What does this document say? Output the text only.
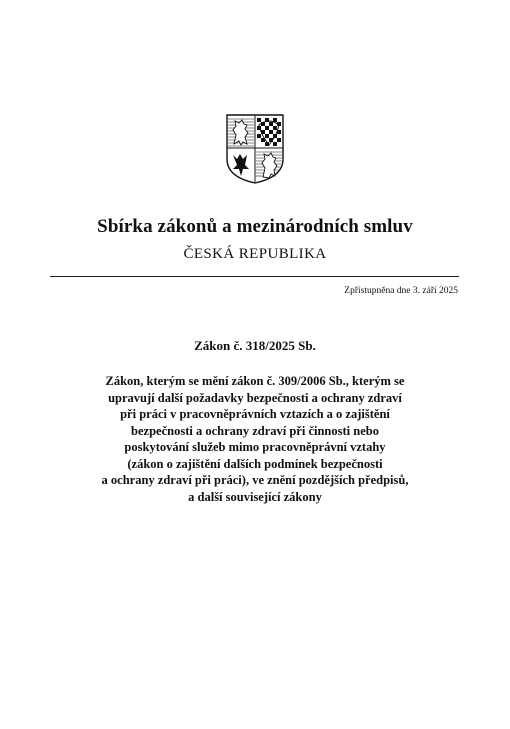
Sbírka zákonů a mezinárodních smluv
ČESKÁ REPUBLIKA
Zpřístupněna dne 3. září 2025
Zákon č. 318/2025 Sb.
Zákon, kterým se mění zákon č. 309/2006 Sb., kterým se
upravují další požadavky bezpečnosti a ochrany zdraví
při práci v pracovněprávních vztazích a o zajištění
bezpečnosti a ochrany zdraví při činnosti nebo
poskytování služeb mimo pracovněprávní vztahy
(zákon o zajištění dalších podmínek bezpečnosti
a ochrany zdraví při práci), ve znění pozdějších předpisů,
a další související zákony
